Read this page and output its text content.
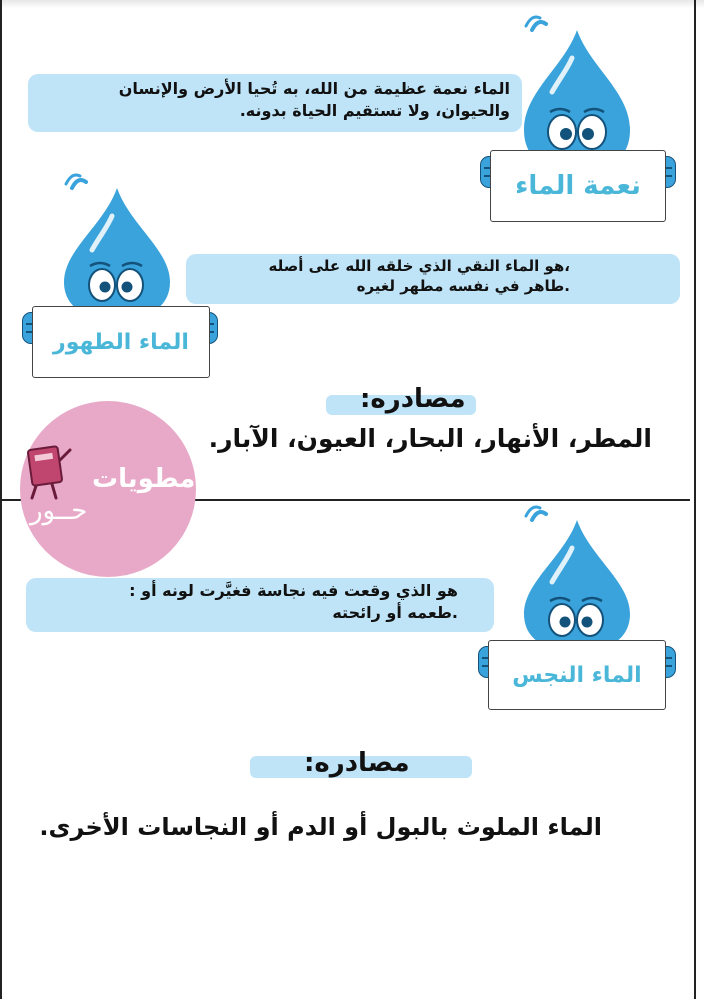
نعمة الماء
الماء نعمة عظيمة من الله، به تُحيا الأرض والإنسان
والحيوان، ولا تستقيم الحياة بدونه.
الماء الطهور
،هو الماء النقي الذي خلقه الله على أصله
.طاهر في نفسه مطهر لغيره
مصادره:
المطر، الأنهار، البحار، العيون، الآبار.
مطويات
حــور
الماء النجس
هو الذي وقعت فيه نجاسة فغيَّرت لونه أو :
.طعمه أو رائحته
مصادره:
الماء الملوث بالبول أو الدم أو النجاسات الأخرى.
